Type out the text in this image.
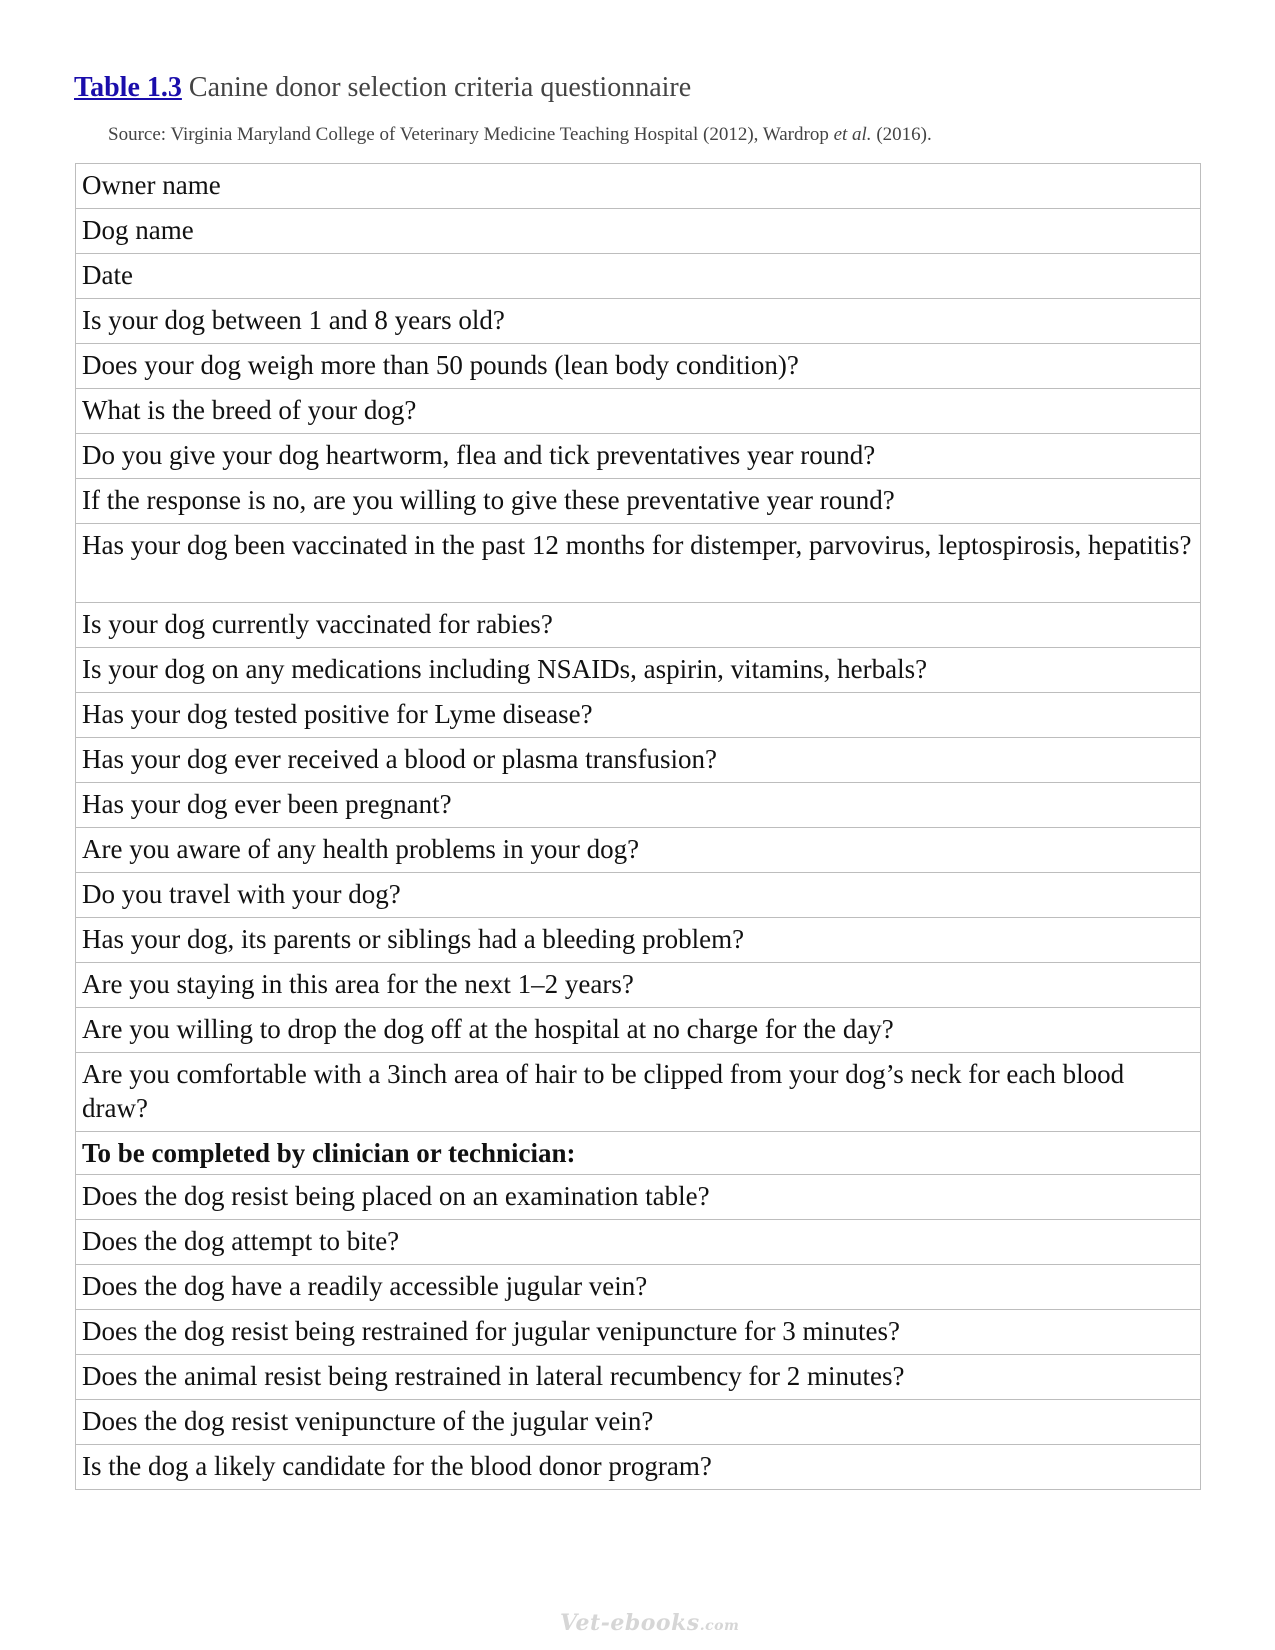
Table 1.3 Canine donor selection criteria questionnaire
Source: Virginia Maryland College of Veterinary Medicine Teaching Hospital (2012), Wardrop et al. (2016).
Owner name
Dog name
Date
Is your dog between 1 and 8 years old?
Does your dog weigh more than 50 pounds (lean body condition)?
What is the breed of your dog?
Do you give your dog heartworm, flea and tick preventatives year round?
If the response is no, are you willing to give these preventative year round?
Has your dog been vaccinated in the past 12 months for distemper, parvovirus, leptospirosis, hepatitis?
Is your dog currently vaccinated for rabies?
Is your dog on any medications including NSAIDs, aspirin, vitamins, herbals?
Has your dog tested positive for Lyme disease?
Has your dog ever received a blood or plasma transfusion?
Has your dog ever been pregnant?
Are you aware of any health problems in your dog?
Do you travel with your dog?
Has your dog, its parents or siblings had a bleeding problem?
Are you staying in this area for the next 1–2 years?
Are you willing to drop the dog off at the hospital at no charge for the day?
Are you comfortable with a 3inch area of hair to be clipped from your dog’s neck for each blood draw?
To be completed by clinician or technician:
Does the dog resist being placed on an examination table?
Does the dog attempt to bite?
Does the dog have a readily accessible jugular vein?
Does the dog resist being restrained for jugular venipuncture for 3 minutes?
Does the animal resist being restrained in lateral recumbency for 2 minutes?
Does the dog resist venipuncture of the jugular vein?
Is the dog a likely candidate for the blood donor program?
Vet-ebooks.com
